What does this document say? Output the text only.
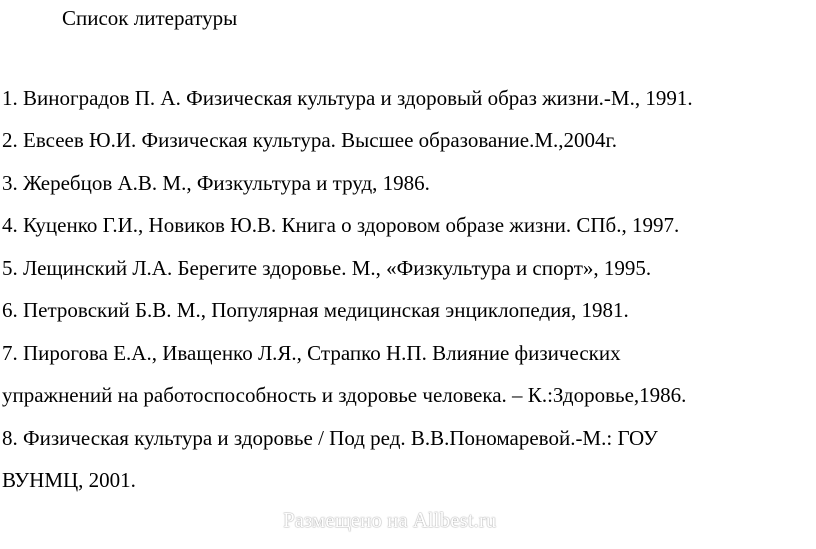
Список литературы
1. Виноградов П. А. Физическая культура и здоровый образ жизни.-М., 1991.
2. Евсеев Ю.И. Физическая культура. Высшее образование.М.,2004г.
3. Жеребцов А.В. М., Физкультура и труд, 1986.
4. Куценко Г.И., Новиков Ю.В. Книга о здоровом образе жизни. СПб., 1997.
5. Лещинский Л.А. Берегите здоровье. М., «Физкультура и спорт», 1995.
6. Петровский Б.В. М., Популярная медицинская энциклопедия, 1981.
7. Пирогова Е.А., Иващенко Л.Я., Страпко Н.П. Влияние физических
упражнений на работоспособность и здоровье человека. – К.:Здоровье,1986.
8. Физическая культура и здоровье / Под ред. В.В.Пономаревой.-М.: ГОУ
ВУНМЦ, 2001.
Размещено на Allbest.ru
